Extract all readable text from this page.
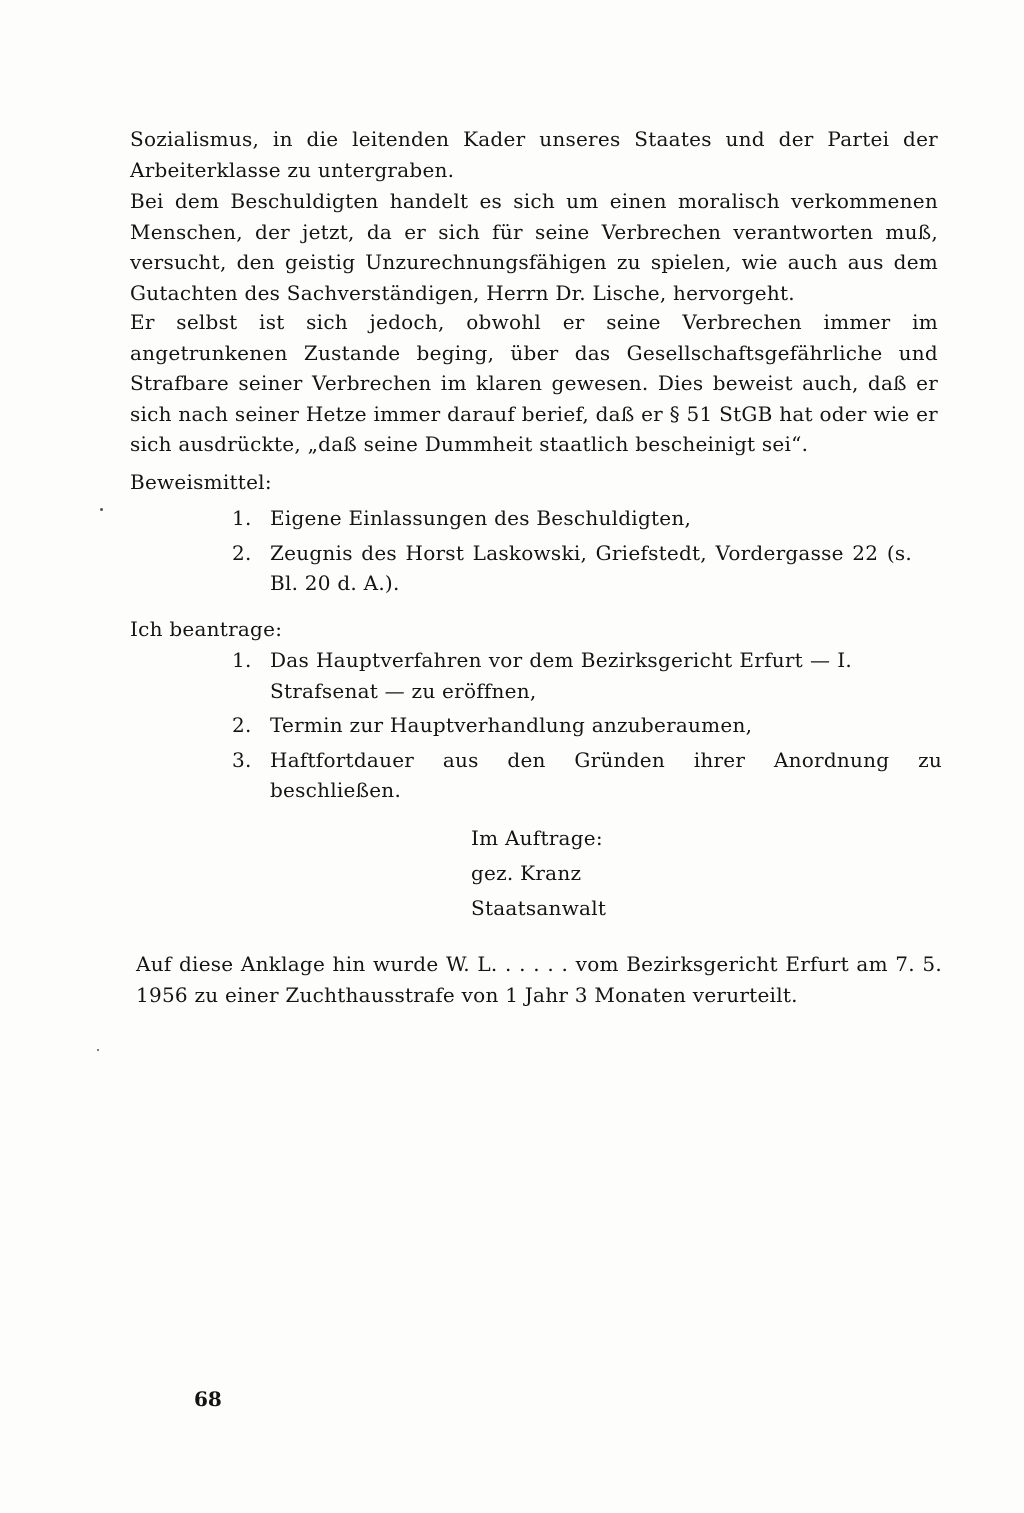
Sozialismus, in die leitenden Kader unseres Staates und der Partei der Arbeiterklasse zu untergraben.

Bei dem Beschuldigten handelt es sich um einen moralisch verkommenen Menschen, der jetzt, da er sich für seine Verbrechen verantworten muß, versucht, den geistig Unzurechnungsfähigen zu spielen, wie auch aus dem Gutachten des Sachverständigen, Herrn Dr. Lische, hervorgeht.

Er selbst ist sich jedoch, obwohl er seine Verbrechen immer im angetrunkenen Zustande beging, über das Gesellschaftsgefährliche und Strafbare seiner Verbrechen im klaren gewesen. Dies beweist auch, daß er sich nach seiner Hetze immer darauf berief, daß er § 51 StGB hat oder wie er sich ausdrückte, „daß seine Dummheit staatlich bescheinigt sei“.

Beweismittel:
1. Eigene Einlassungen des Beschuldigten,
2. Zeugnis des Horst Laskowski, Griefstedt, Vordergasse 22 (s. Bl. 20 d. A.).
Ich beantrage:
1. Das Hauptverfahren vor dem Bezirksgericht Erfurt — I. Strafsenat — zu eröffnen,
2. Termin zur Hauptverhandlung anzuberaumen,
3. Haftfortdauer aus den Gründen ihrer Anordnung zu beschließen.
Im Auftrage:
gez. Kranz
Staatsanwalt
Auf diese Anklage hin wurde W. L. . . . . . vom Bezirksgericht Erfurt am 7. 5. 1956 zu einer Zuchthausstrafe von 1 Jahr 3 Monaten verurteilt.
68
